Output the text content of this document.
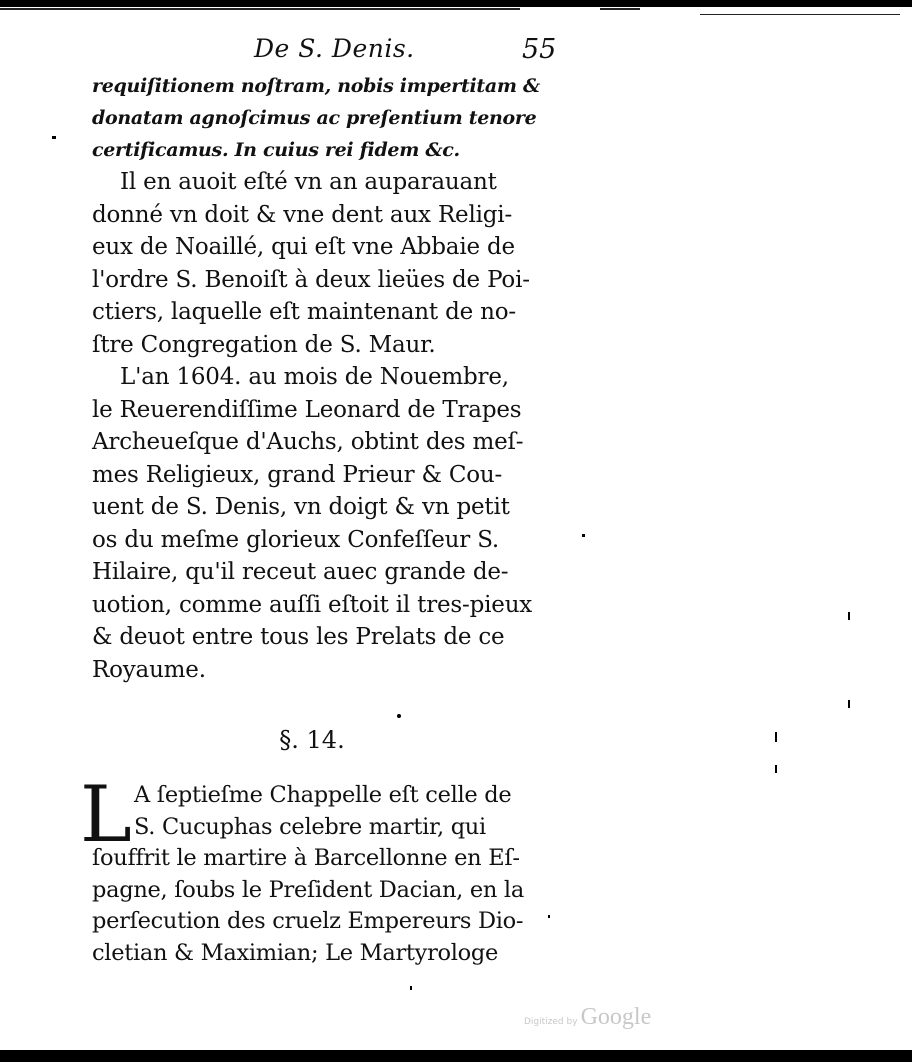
De S. Denis.	55

requiſitionem noſtram, nobis impertitam &

donatam agnoſcimus ac preſentium tenore

certificamus. In cuius rei fidem &c.

Il en auoit eſté vn an auparauant

donné vn doit & vne dent aux Religi-

eux de Noaillé, qui eſt vne Abbaie de

l'ordre S. Benoiſt à deux lieües de Poi-

ctiers, laquelle eſt maintenant de no-

ſtre Congregation de S. Maur.

L'an 1604. au mois de Nouembre,

le Reuerendiſſime Leonard de Trapes

Archeueſque d'Auchs, obtint des meſ-

mes Religieux, grand Prieur & Cou-

uent de S. Denis, vn doigt & vn petit

os du meſme glorieux Confeſſeur S.

Hilaire, qu'il receut auec grande de-

uotion, comme auſſi eſtoit il tres-pieux

& deuot entre tous les Prelats de ce

Royaume.

§. 14.
L A ſeptieſme Chappelle eſt celle de

S. Cucuphas celebre martir, qui

ſouffrit le martire à Barcellonne en Eſ-

pagne, ſoubs le Preſident Dacian, en la

perſecution des cruelz Empereurs Dio-

cletian & Maximian; Le Martyrologe

Digitized by Google
